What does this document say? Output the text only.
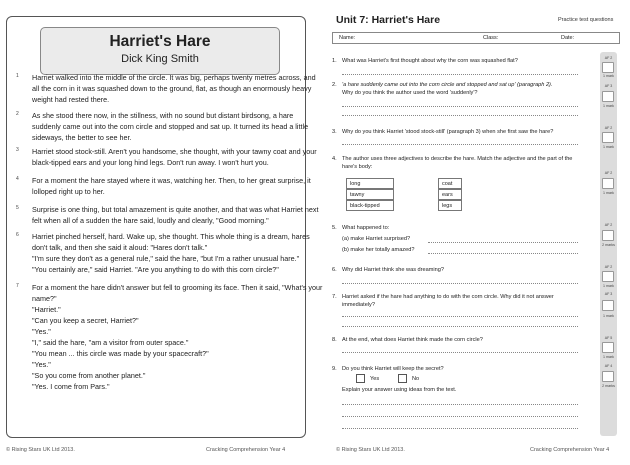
Harriet's Hare
Dick King Smith
1 Harriet walked into the middle of the circle. It was big, perhaps twenty metres across, and
all the corn in it was squashed down to the ground, flat, as though an enormously heavy
weight had rested there.
2 As she stood there now, in the stillness, with no sound but distant birdsong, a hare
suddenly came out into the corn circle and stopped and sat up. It turned its head a little
sideways, the better to see her.
3 Harriet stood stock-still. Aren't you handsome, she thought, with your tawny coat and your
black-tipped ears and your long hind legs. Don't run away. I won't hurt you.
4 For a moment the hare stayed where it was, watching her. Then, to her great surprise, it
lolloped right up to her.
5 Surprise is one thing, but total amazement is quite another, and that was what Harriet next
felt when all of a sudden the hare said, loudly and clearly, "Good morning."
6 Harriet pinched herself, hard. Wake up, she thought. This whole thing is a dream, hares
don't talk, and then she said it aloud: "Hares don't talk."
"I'm sure they don't as a general rule," said the hare, "but I'm a rather unusual hare."
"You certainly are," said Harriet. "Are you anything to do with this corn circle?"
7 For a moment the hare didn't answer but fell to grooming its face. Then it said, "What's your
name?"
"Harriet."
"Can you keep a secret, Harriet?"
"Yes."
"I," said the hare, "am a visitor from outer space."
"You mean ... this circle was made by your spacecraft?"
"Yes."
"So you come from another planet."
"Yes. I come from Pars."
© Rising Stars UK Ltd 2013.	Cracking Comprehension Year 4
Unit 7: Harriet's Hare	Practice test questions
Name:	Class:	Date:
1. What was Harriet's first thought about why the corn was squashed flat?	AF 2
1 mark
2. 'a hare suddenly came out into the corn circle and stopped and sat up' (paragraph 2).
Why do you think the author used the word 'suddenly'?
AF 3
1 mark
3. Why do you think Harriet 'stood stock-still' (paragraph 3) when she first saw the hare?
AF 2
1 mark
4. The author uses three adjectives to describe the hare. Match the adjective and the part of the
hare's body:
long
tawny
black-tipped
coat
ears
legs
AF 2
1 mark
5. What happened to:
(a) make Harriet surprised?
(b) make her totally amazed?
AF 2
2 marks
6. Why did Harriet think she was dreaming?	AF 2
1 mark
7. Harriet asked if the hare had anything to do with the corn circle. Why did it not answer
immediately?
AF 3
1 mark
8. At the end, what does Harriet think made the corn circle?	AF 5
1 mark
9. Do you think Harriet will keep the secret?
Yes	No
Explain your answer using ideas from the text.
AF 4
2 marks
© Rising Stars UK Ltd 2013.	Cracking Comprehension Year 4
